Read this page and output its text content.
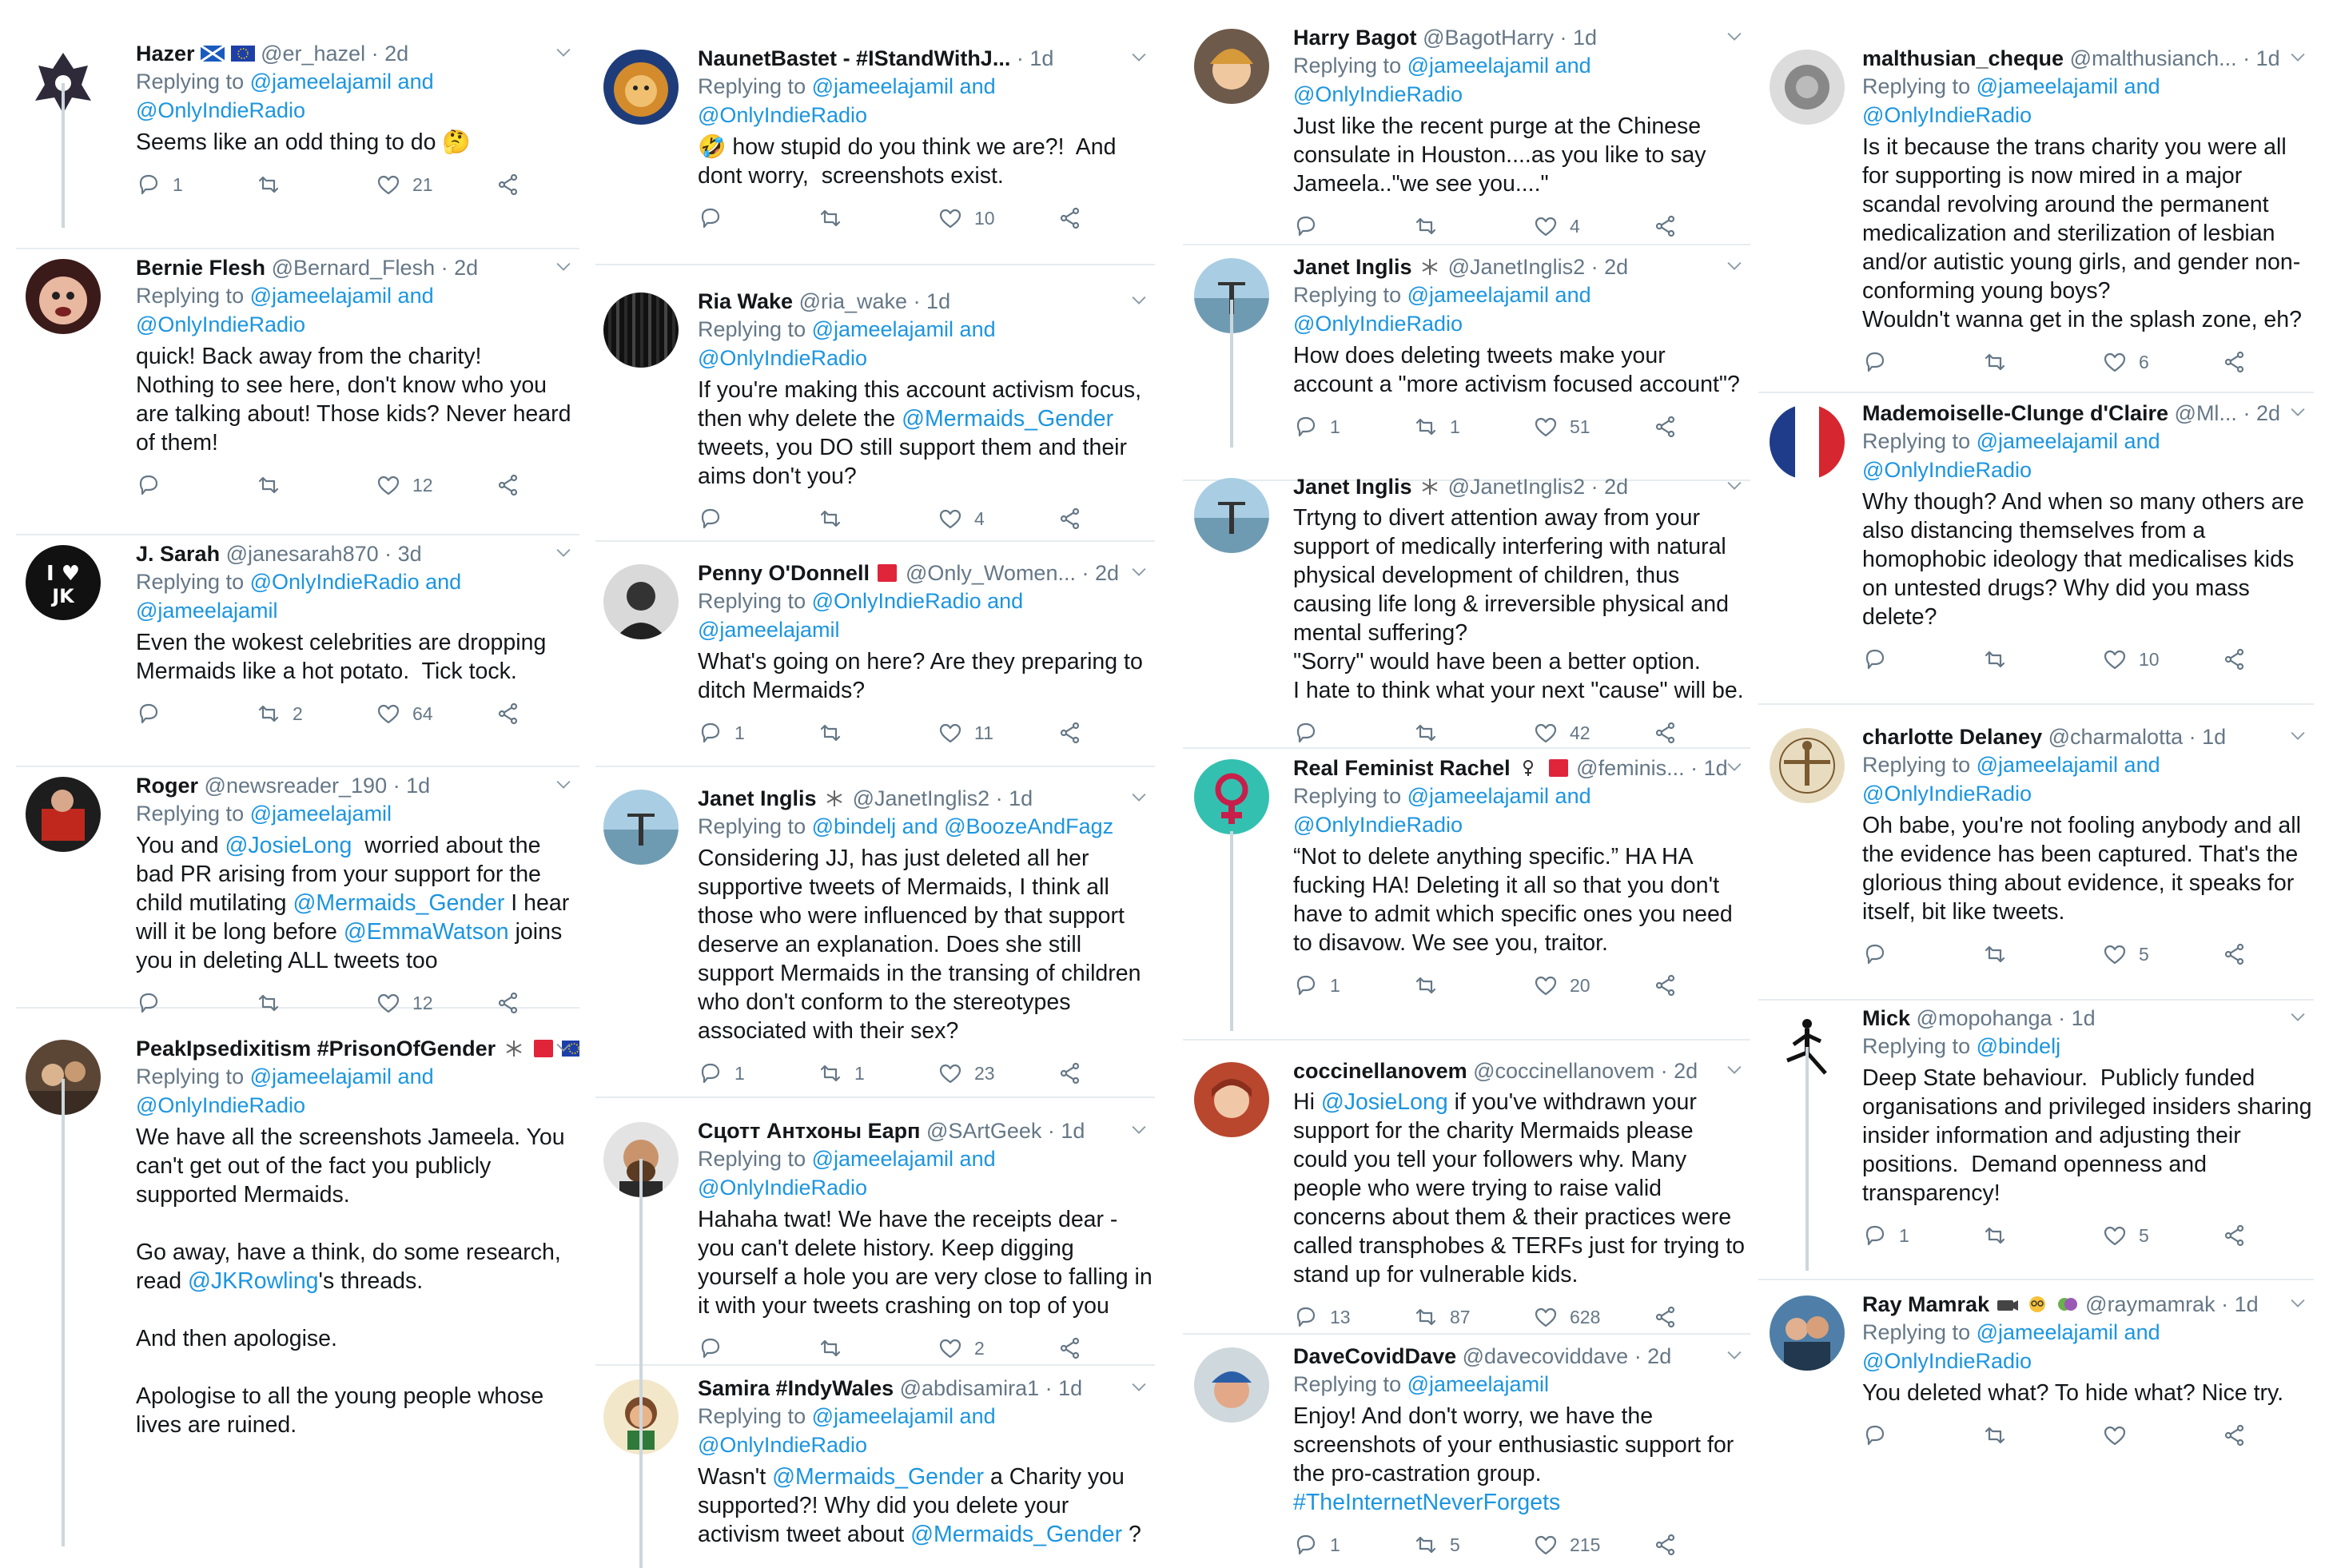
Hazer	@er_hazel · 2d
Replying to @jameelajamil and @OnlyIndieRadio

Seems like an odd thing to do 🤔

1	21
Bernie Flesh @Bernard_Flesh · 2d
Replying to @jameelajamil and @OnlyIndieRadio

quick! Back away from the charity!

Nothing to see here, don't know who you are talking about! Those kids? Never heard of them!

12
I ♥
JK
J. Sarah @janesarah870 · 3d
Replying to @OnlyIndieRadio and @jameelajamil

Even the wokest celebrities are dropping Mermaids like a hot potato.  Tick tock.

2	64
Roger @newsreader_190 · 1d
Replying to @jameelajamil

You and @JosieLong  worried about the bad PR arising from your support for the child mutilating @Mermaids_Gender I hear will it be long before @EmmaWatson joins you in deleting ALL tweets too

12
PeakIpsedixitism #PrisonOfGender
Replying to @jameelajamil and @OnlyIndieRadio

We have all the screenshots Jameela. You can't get out of the fact you publicly supported Mermaids.

Go away, have a think, do some research, read @JKRowling's threads.

And then apologise.

Apologise to all the young people whose lives are ruined.

NaunetBastet - #IStandWithJ... · 1d
Replying to @jameelajamil and @OnlyIndieRadio

🤣 how stupid do you think we are?!  And dont worry,  screenshots exist.

10
Ria Wake @ria_wake · 1d
Replying to @jameelajamil and @OnlyIndieRadio

If you're making this account activism focus, then why delete the @Mermaids_Gender tweets, you DO still support them and their aims don't you?

4
Penny O'Donnell @Only_Women... · 2d
Replying to @OnlyIndieRadio and @jameelajamil

What's going on here? Are they preparing to ditch Mermaids?

1	11
Janet Inglis @JanetInglis2 · 1d
Replying to @bindelj and @BoozeAndFagz

Considering JJ, has just deleted all her supportive tweets of Mermaids, I think all those who were influenced by that support deserve an explanation. Does she still support Mermaids in the transing of children who don't conform to the stereotypes associated with their sex?

1	1	23
Сцотт Антхоны Еарп @SArtGeek · 1d
Replying to @jameelajamil and @OnlyIndieRadio

Hahaha twat! We have the receipts dear - you can't delete history. Keep digging yourself a hole you are very close to falling in it with your tweets crashing on top of you

2
Samira #IndyWales @abdisamira1 · 1d
Replying to @jameelajamil and @OnlyIndieRadio

Wasn't @Mermaids_Gender a Charity you supported?! Why did you delete your activism tweet about @Mermaids_Gender ?

Harry Bagot @BagotHarry · 1d
Replying to @jameelajamil and @OnlyIndieRadio

Just like the recent purge at the Chinese consulate in Houston....as you like to say Jameela.."we see you...."

4
Janet Inglis @JanetInglis2 · 2d
Replying to @jameelajamil and @OnlyIndieRadio

How does deleting tweets make your account a "more activism focused account"?

1	1	51
Janet Inglis @JanetInglis2 · 2d

Trtyng to divert attention away from your support of medically interfering with natural physical development of children, thus causing life long & irreversible physical and mental suffering?

"Sorry" would have been a better option.

I hate to think what your next "cause" will be.

42
Real Feminist Rachel	@feminis... · 1d
Replying to @jameelajamil and @OnlyIndieRadio

“Not to delete anything specific.” HA HA fucking HA! Deleting it all so that you don't have to admit which specific ones you need to disavow. We see you, traitor.

1	20
coccinellanovem @coccinellanovem · 2d

Hi @JosieLong if you've withdrawn your support for the charity Mermaids please could you tell your followers why. Many people who were trying to raise valid concerns about them & their practices were called transphobes & TERFs just for trying to stand up for vulnerable kids.

13	87	628
DaveCovidDave @davecoviddave · 2d
Replying to @jameelajamil

Enjoy! And don't worry, we have the screenshots of your enthusiastic support for the pro-castration group.

#TheInternetNeverForgets

1	5	215
malthusian_cheque @malthusianch... · 1d
Replying to @jameelajamil and @OnlyIndieRadio

Is it because the trans charity you were all for supporting is now mired in a major scandal revolving around the permanent medicalization and sterilization of lesbian and/or autistic young girls, and gender non-conforming young boys?

Wouldn't wanna get in the splash zone, eh?

6
Mademoiselle-Clunge d'Claire @Ml... · 2d
Replying to @jameelajamil and @OnlyIndieRadio

Why though? And when so many others are also distancing themselves from a homophobic ideology that medicalises kids on untested drugs? Why did you mass delete?

10
charlotte Delaney @charmalotta · 1d
Replying to @jameelajamil and @OnlyIndieRadio

Oh babe, you're not fooling anybody and all the evidence has been captured. That's the glorious thing about evidence, it speaks for itself, bit like tweets.

5
Mick @mopohanga · 1d
Replying to @bindelj

Deep State behaviour.  Publicly funded organisations and privileged insiders sharing insider information and adjusting their positions.  Demand openness and transparency!

1	5
Ray Mamrak	@raymamrak · 1d
Replying to @jameelajamil and @OnlyIndieRadio

You deleted what? To hide what? Nice try.
